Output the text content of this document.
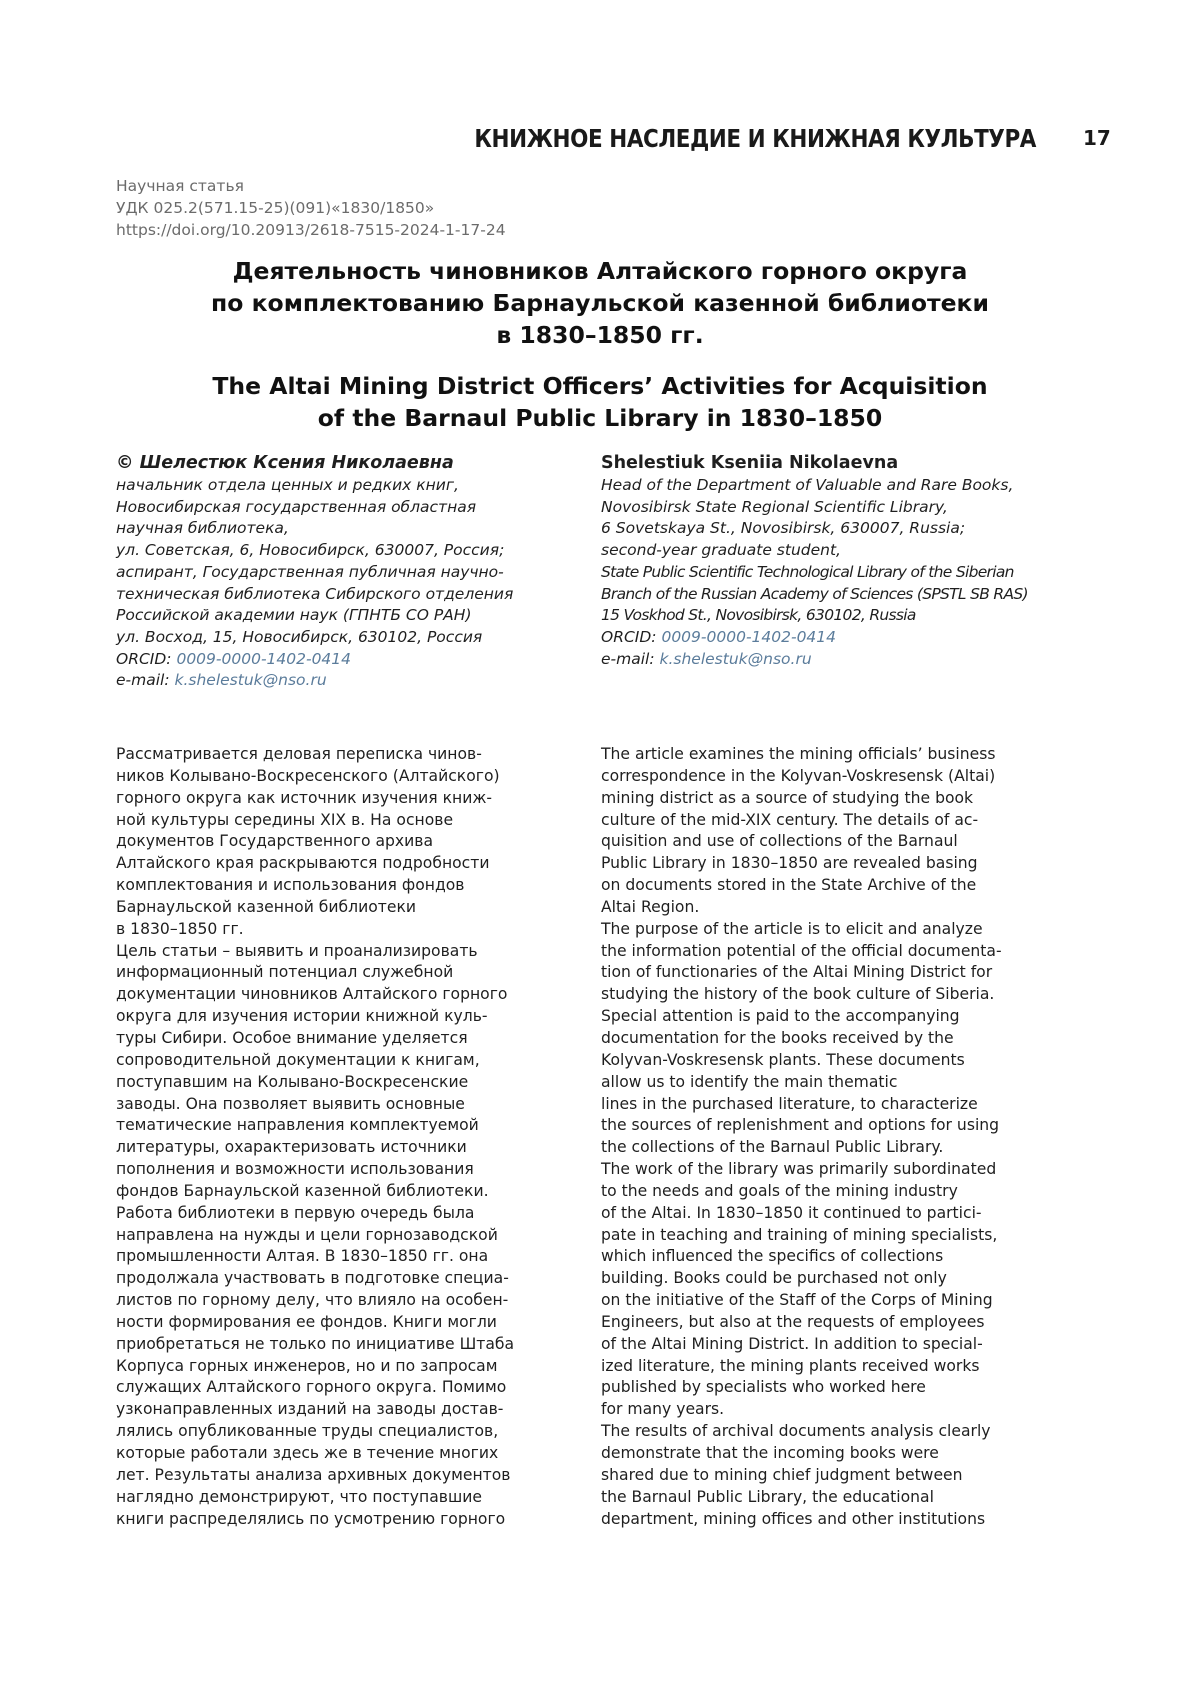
КНИЖНОЕ НАСЛЕДИЕ И КНИЖНАЯ КУЛЬТУРА 17
Научная статья
УДК 025.2(571.15-25)(091)«1830/1850»
https://doi.org/10.20913/2618-7515-2024-1-17-24
Деятельность чиновников Алтайского горного округа
по комплектованию Барнаульской казенной библиотеки
в 1830–1850 гг.
The Altai Mining District Officers’ Activities for Acquisition
of the Barnaul Public Library in 1830–1850
© Шелестюк Ксения Николаевна
начальник отдела ценных и редких книг,
Новосибирская государственная областная
научная библиотека,
ул. Советская, 6, Новосибирск, 630007, Россия;
аспирант, Государственная публичная научно-
техническая библиотека Сибирского отделения
Российской академии наук (ГПНТБ СО РАН)
ул. Восход, 15, Новосибирск, 630102, Россия
ORCID: 0009-0000-1402-0414
e-mail: k.shelestuk@nso.ru
Shelestiuk Kseniia Nikolaevna
Head of the Department of Valuable and Rare Books,
Novosibirsk State Regional Scientific Library,
6 Sovetskaya St., Novosibirsk, 630007, Russia;
second-year graduate student,
State Public Scientific Technological Library of the Siberian
Branch of the Russian Academy of Sciences (SPSTL SB RAS)
15 Voskhod St., Novosibirsk, 630102, Russia
ORCID: 0009-0000-1402-0414
e-mail: k.shelestuk@nso.ru
Рассматривается деловая переписка чинов-
ников Колывано-Воскресенского (Алтайского)
горного округа как источник изучения книж-
ной культуры середины XIX в. На основе
документов Государственного архива
Алтайского края раскрываются подробности
комплектования и использования фондов
Барнаульской казенной библиотеки
в 1830–1850 гг.
Цель статьи – выявить и проанализировать
информационный потенциал служебной
документации чиновников Алтайского горного
округа для изучения истории книжной куль-
туры Сибири. Особое внимание уделяется
сопроводительной документации к книгам,
поступавшим на Колывано-Воскресенские
заводы. Она позволяет выявить основные
тематические направления комплектуемой
литературы, охарактеризовать источники
пополнения и возможности использования
фондов Барнаульской казенной библиотеки.
Работа библиотеки в первую очередь была
направлена на нужды и цели горнозаводской
промышленности Алтая. В 1830–1850 гг. она
продолжала участвовать в подготовке специа-
листов по горному делу, что влияло на особен-
ности формирования ее фондов. Книги могли
приобретаться не только по инициативе Штаба
Корпуса горных инженеров, но и по запросам
служащих Алтайского горного округа. Помимо
узконаправленных изданий на заводы достав-
лялись опубликованные труды специалистов,
которые работали здесь же в течение многих
лет. Результаты анализа архивных документов
наглядно демонстрируют, что поступавшие
книги распределялись по усмотрению горного
The article examines the mining officials’ business
correspondence in the Kolyvan-Voskresensk (Altai)
mining district as a source of studying the book
culture of the mid-XIX century. The details of ac-
quisition and use of collections of the Barnaul
Public Library in 1830–1850 are revealed basing
on documents stored in the State Archive of the
Altai Region.
The purpose of the article is to elicit and analyze
the information potential of the official documenta-
tion of functionaries of the Altai Mining District for
studying the history of the book culture of Siberia.
Special attention is paid to the accompanying
documentation for the books received by the
Kolyvan-Voskresensk plants. These documents
allow us to identify the main thematic
lines in the purchased literature, to characterize
the sources of replenishment and options for using
the collections of the Barnaul Public Library.
The work of the library was primarily subordinated
to the needs and goals of the mining industry
of the Altai. In 1830–1850 it continued to partici-
pate in teaching and training of mining specialists,
which influenced the specifics of collections
building. Books could be purchased not only
on the initiative of the Staff of the Corps of Mining
Engineers, but also at the requests of employees
of the Altai Mining District. In addition to special-
ized literature, the mining plants received works
published by specialists who worked here
for many years.
The results of archival documents analysis clearly
demonstrate that the incoming books were
shared due to mining chief judgment between
the Barnaul Public Library, the educational
department, mining offices and other institutions
